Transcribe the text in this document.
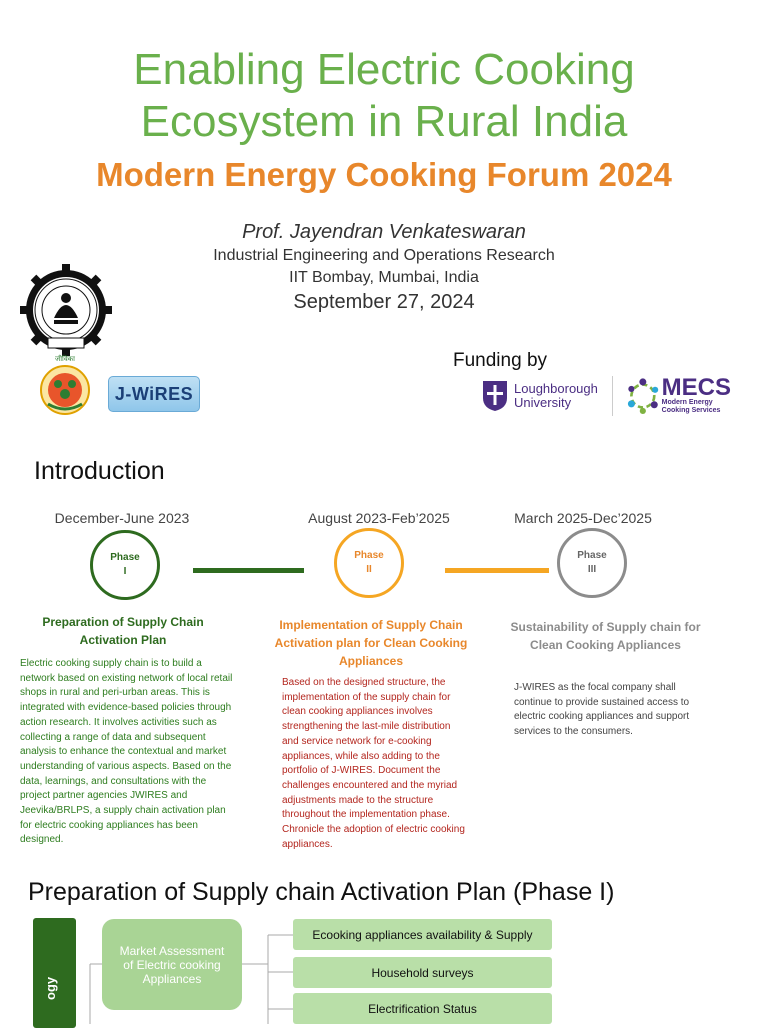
Enabling Electric Cooking
Ecosystem in Rural India
Modern Energy Cooking Forum 2024
Prof. Jayendran Venkateswaran
Industrial Engineering and Operations Research
IIT Bombay, Mumbai, India
September 27, 2024
जीविका
J-WiRES
Funding by
Loughborough
University
MECS
Modern Energy
Cooking Services
Introduction
December-June 2023	August 2023-Feb’2025	March 2025-Dec’2025
Phase
I
Phase
II
Phase
III
Preparation of Supply Chain Activation Plan
Implementation of Supply Chain Activation plan for Clean Cooking Appliances
Sustainability of Supply chain for Clean Cooking Appliances
Electric cooking supply chain is to build a network based on existing network of local retail shops in rural and peri-urban areas. This is integrated with evidence-based policies through action research. It involves activities such as collecting a range of data and subsequent analysis to enhance the contextual and market understanding of various aspects. Based on the data, learnings, and consultations with the project partner agencies JWIRES and Jeevika/BRLPS, a supply chain activation plan for electric cooking appliances has been designed.
Based on the designed structure, the implementation of the supply chain for clean cooking appliances involves strengthening the last-mile distribution and service network for e-cooking appliances, while also adding to the portfolio of J-WIRES. Document the challenges encountered and the myriad adjustments made to the structure throughout the implementation phase. Chronicle the adoption of electric cooking appliances.
J-WIRES as the focal company shall continue to provide sustained access to electric cooking appliances and support services to the consumers.
Preparation of Supply chain Activation Plan (Phase I)
ogy
Market Assessment of Electric cooking Appliances
Ecooking appliances availability & Supply
Household surveys
Electrification Status
